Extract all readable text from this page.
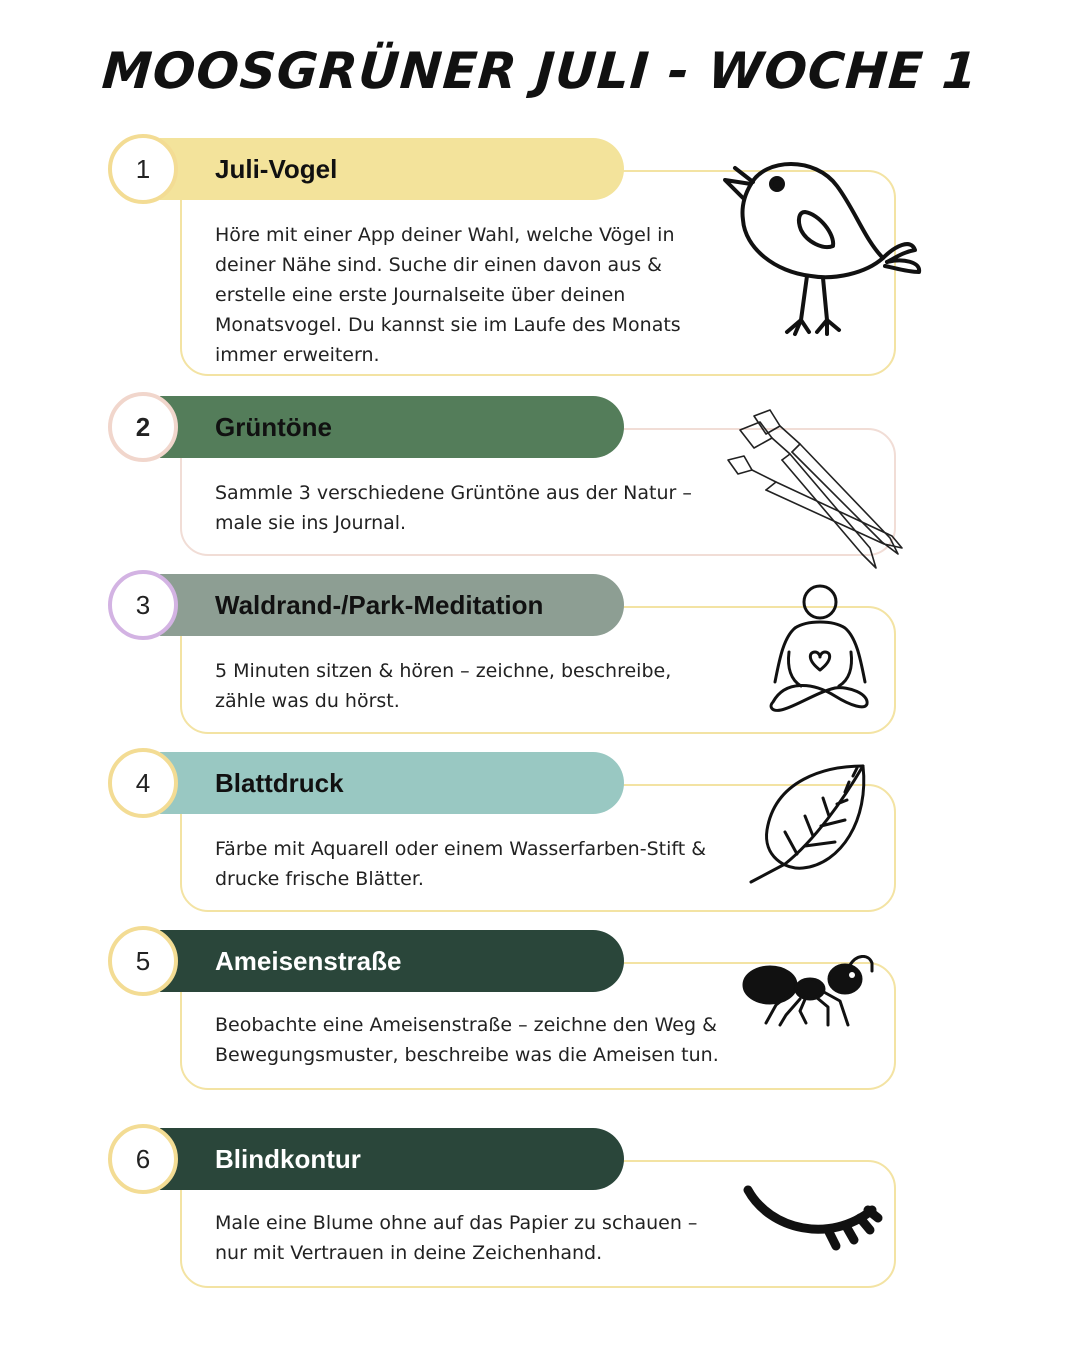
MOOSGRÜNER JULI - WOCHE 1
Juli-Vogel
1
Höre mit einer App deiner Wahl, welche Vögel in deiner Nähe sind. Suche dir einen davon aus & erstelle eine erste Journalseite über deinen Monatsvogel. Du kannst sie im Laufe des Monats immer erweitern.
Grüntöne
2
Sammle 3 verschiedene Grüntöne aus der Natur – male sie ins Journal.
Waldrand-/Park-Meditation
3
5 Minuten sitzen & hören – zeichne, beschreibe, zähle was du hörst.
Blattdruck
4
Färbe mit Aquarell oder einem Wasserfarben-Stift & drucke frische Blätter.
Ameisenstraße
5
Beobachte eine Ameisenstraße – zeichne den Weg & Bewegungsmuster, beschreibe was die Ameisen tun.
Blindkontur
6
Male eine Blume ohne auf das Papier zu schauen – nur mit Vertrauen in deine Zeichenhand.
